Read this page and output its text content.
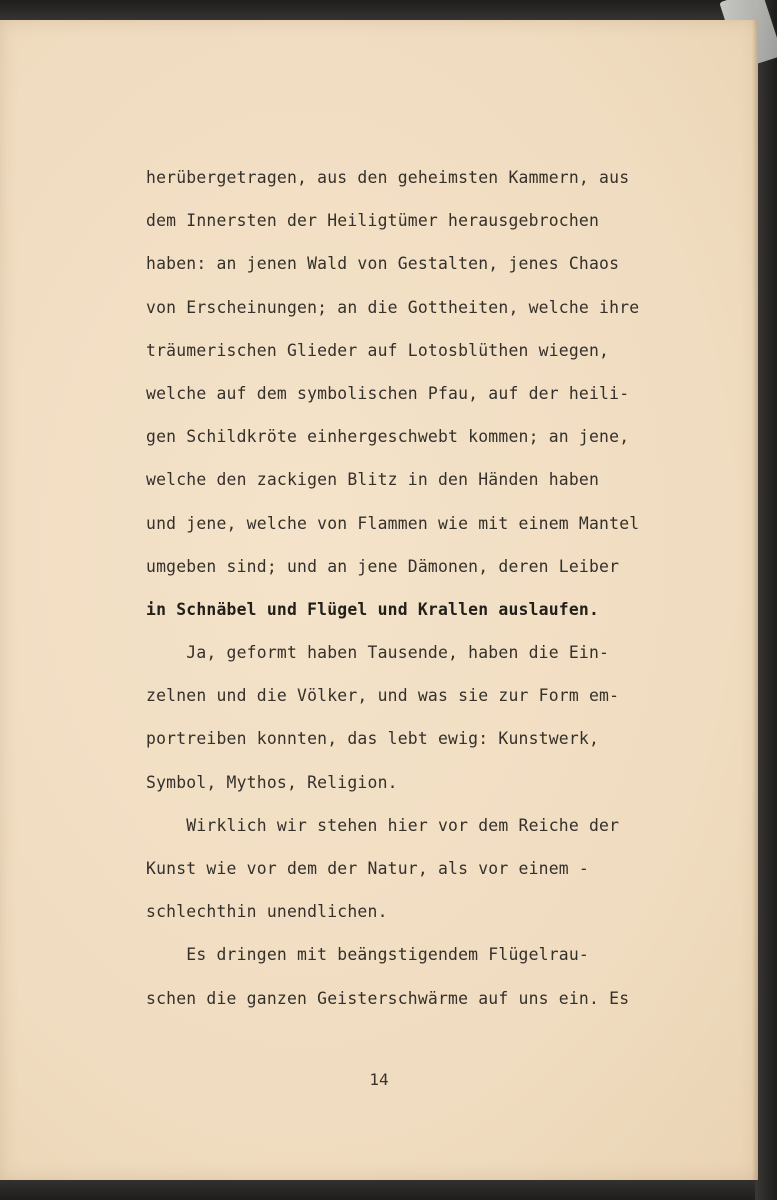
herübergetragen, aus den geheimsten Kammern, aus
dem Innersten der Heiligtümer herausgebrochen
haben: an jenen Wald von Gestalten, jenes Chaos
von Erscheinungen; an die Gottheiten, welche ihre
träumerischen Glieder auf Lotosblüthen wiegen,
welche auf dem symbolischen Pfau, auf der heili-
gen Schildkröte einhergeschwebt kommen; an jene,
welche den zackigen Blitz in den Händen haben
und jene, welche von Flammen wie mit einem Mantel
umgeben sind; und an jene Dämonen, deren Leiber
in Schnäbel und Flügel und Krallen auslaufen.
Ja, geformt haben Tausende, haben die Ein-
zelnen und die Völker, und was sie zur Form em-
portreiben konnten, das lebt ewig: Kunstwerk,
Symbol, Mythos, Religion.
Wirklich wir stehen hier vor dem Reiche der
Kunst wie vor dem der Natur, als vor einem -
schlechthin unendlichen.
Es dringen mit beängstigendem Flügelrau-
schen die ganzen Geisterschwärme auf uns ein. Es
14
